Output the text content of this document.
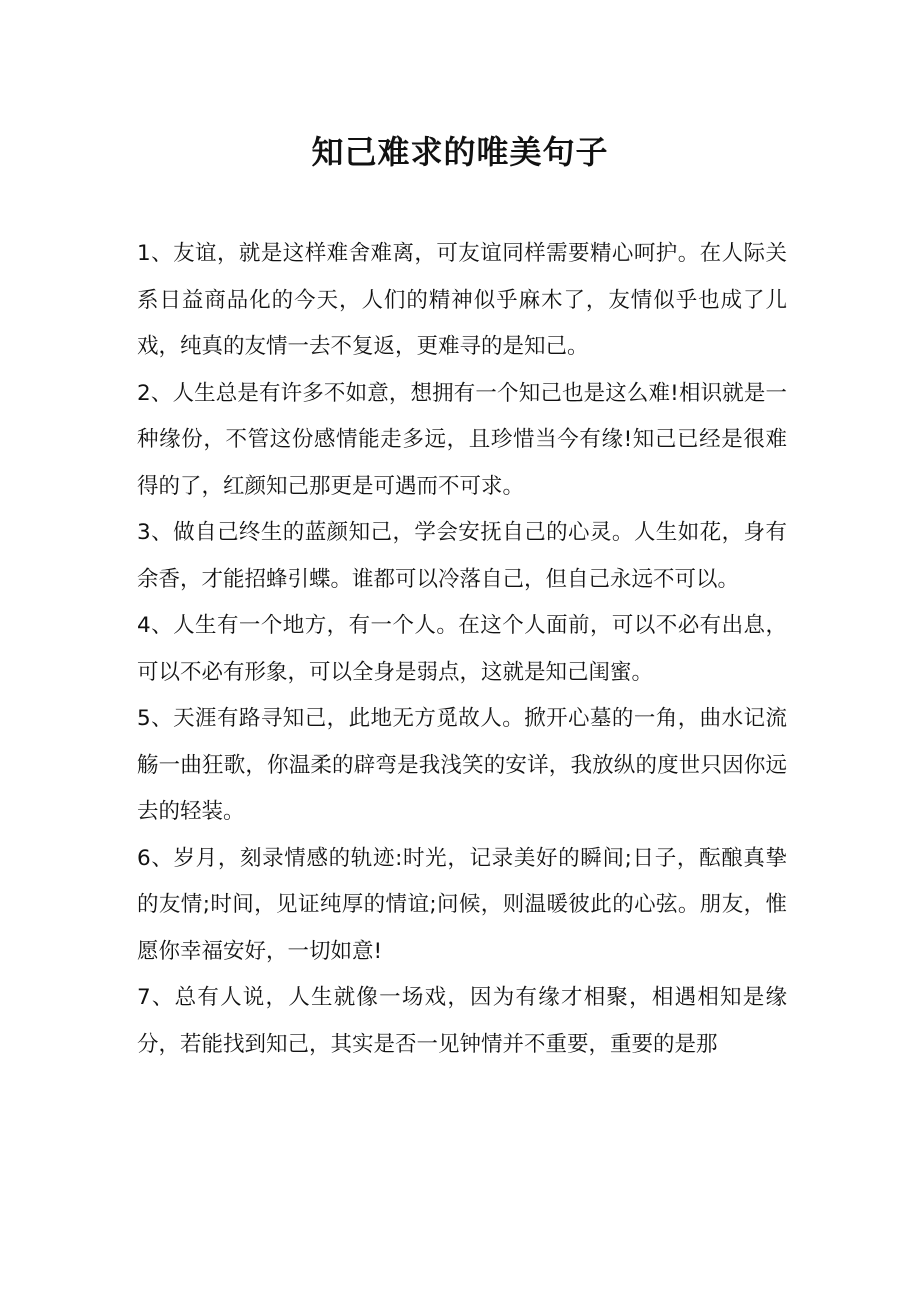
知己难求的唯美句子

1、友谊，就是这样难舍难离，可友谊同样需要精心呵护。在人际关系日益商品化的今天，人们的精神似乎麻木了，友情似乎也成了儿戏，纯真的友情一去不复返，更难寻的是知己。

2、人生总是有许多不如意，想拥有一个知己也是这么难!相识就是一种缘份，不管这份感情能走多远，且珍惜当今有缘!知己已经是很难得的了，红颜知己那更是可遇而不可求。

3、做自己终生的蓝颜知己，学会安抚自己的心灵。人生如花，身有余香，才能招蜂引蝶。谁都可以冷落自己，但自己永远不可以。

4、人生有一个地方，有一个人。在这个人面前，可以不必有出息，可以不必有形象，可以全身是弱点，这就是知己闺蜜。

5、天涯有路寻知己，此地无方觅故人。掀开心墓的一角，曲水记流觞一曲狂歌，你温柔的辟弯是我浅笑的安详，我放纵的度世只因你远去的轻装。

6、岁月，刻录情感的轨迹:时光，记录美好的瞬间;日子，酝酿真挚的友情;时间，见证纯厚的情谊;问候，则温暖彼此的心弦。朋友，惟愿你幸福安好，一切如意!

7、总有人说，人生就像一场戏，因为有缘才相聚，相遇相知是缘分，若能找到知己，其实是否一见钟情并不重要，重要的是那
